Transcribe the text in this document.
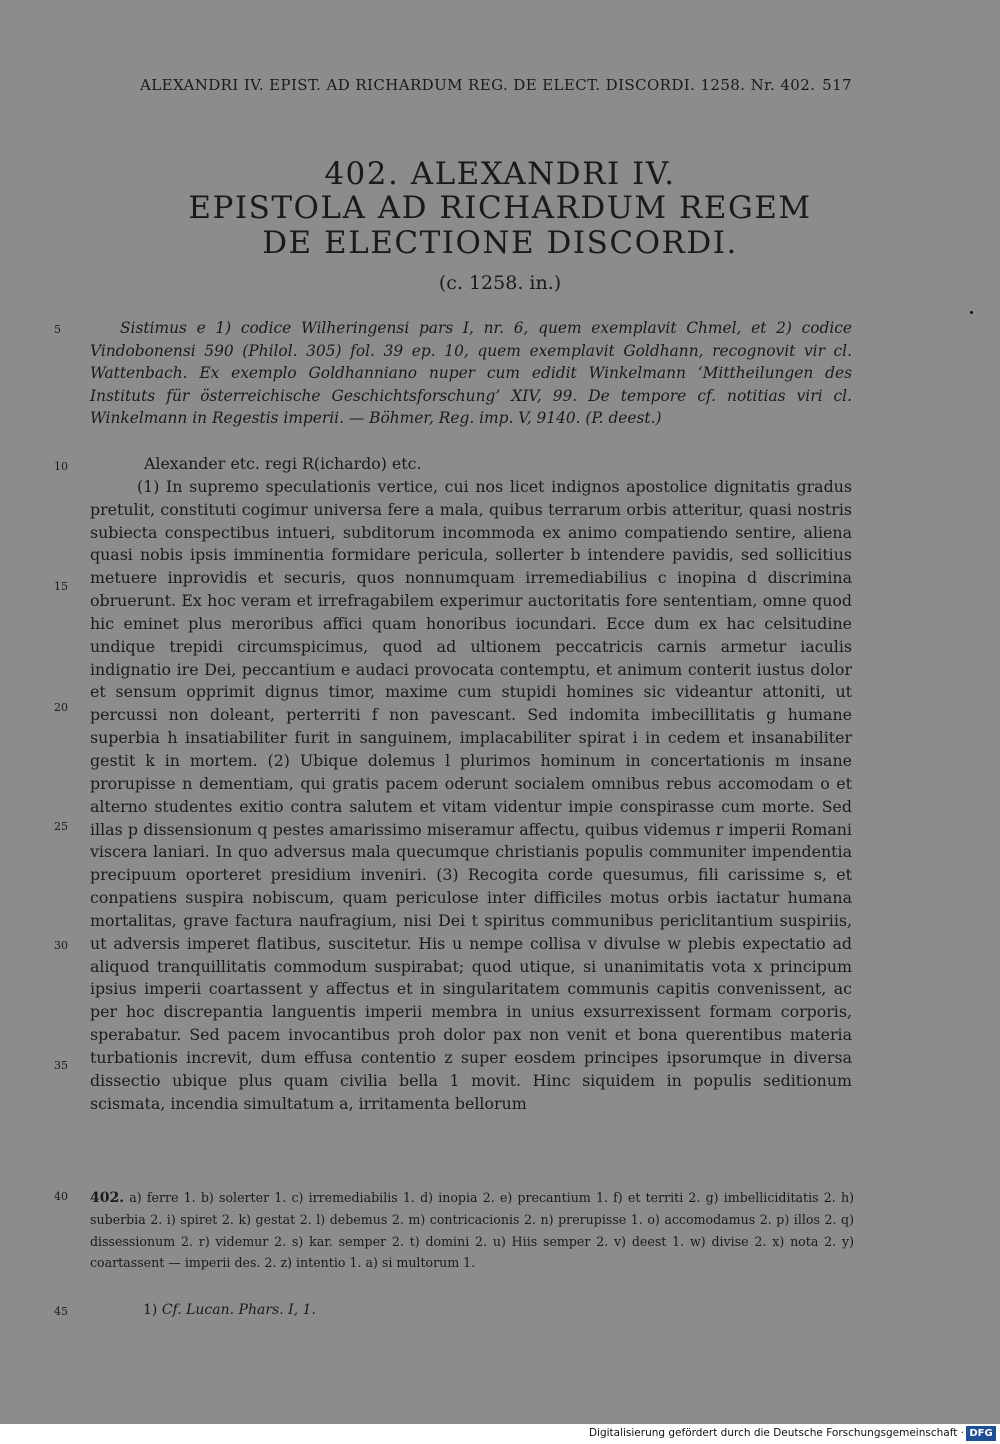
ALEXANDRI IV. EPIST. AD RICHARDUM REG. DE ELECT. DISCORDI. 1258. Nr. 402. 517
402. ALEXANDRI IV.
EPISTOLA AD RICHARDUM REGEM
DE ELECTIONE DISCORDI.
(c. 1258. in.)

Sistimus e 1) codice Wilheringensi pars I, nr. 6, quem exemplavit Chmel, et 2) codice Vindobonensi 590 (Philol. 305) fol. 39 ep. 10, quem exemplavit Goldhann, recognovit vir cl. Wattenbach. Ex exemplo Goldhanniano nuper cum edidit Winkelmann ‘Mittheilungen des Instituts für österreichische Geschichtsforschung’ XIV, 99. De tempore cf. notitias viri cl. Winkelmann in Regestis imperii. — Böhmer, Reg. imp. V, 9140. (P. deest.)

Alexander etc. regi R(ichardo) etc.

(1) In supremo speculationis vertice, cui nos licet indignos apostolice dignitatis gradus pretulit, constituti cogimur universa fere a mala, quibus terrarum orbis atteritur, quasi nostris subiecta conspectibus intueri, subditorum incommoda ex animo compatiendo sentire, aliena quasi nobis ipsis imminentia formidare pericula, sollerter b intendere pavidis, sed sollicitius metuere inprovidis et securis, quos nonnumquam irremediabilius c inopina d discrimina obruerunt. Ex hoc veram et irrefragabilem experimur auctoritatis fore sententiam, omne quod hic eminet plus meroribus affici quam honoribus iocundari. Ecce dum ex hac celsitudine undique trepidi circumspicimus, quod ad ultionem peccatricis carnis armetur iaculis indignatio ire Dei, peccantium e audaci provocata contemptu, et animum conterit iustus dolor et sensum opprimit dignus timor, maxime cum stupidi homines sic videantur attoniti, ut percussi non doleant, perterriti f non pavescant. Sed indomita imbecillitatis g humane superbia h insatiabiliter furit in sanguinem, implacabiliter spirat i in cedem et insanabiliter gestit k in mortem. (2) Ubique dolemus l plurimos hominum in concertationis m insane prorupisse n dementiam, qui gratis pacem oderunt socialem omnibus rebus accomodam o et alterno studentes exitio contra salutem et vitam videntur impie conspirasse cum morte. Sed illas p dissensionum q pestes amarissimo miseramur affectu, quibus videmus r imperii Romani viscera laniari. In quo adversus mala quecumque christianis populis communiter impendentia precipuum oporteret presidium inveniri. (3) Recogita corde quesumus, fili carissime s, et conpatiens suspira nobiscum, quam periculose inter difficiles motus orbis iactatur humana mortalitas, grave factura naufragium, nisi Dei t spiritus communibus periclitantium suspiriis, ut adversis imperet flatibus, suscitetur. His u nempe collisa v divulse w plebis expectatio ad aliquod tranquillitatis commodum suspirabat; quod utique, si unanimitatis vota x principum ipsius imperii coartassent y affectus et in singularitatem communis capitis convenissent, ac per hoc discrepantia languentis imperii membra in unius exsurrexissent formam corporis, sperabatur. Sed pacem invocantibus proh dolor pax non venit et bona querentibus materia turbationis increvit, dum effusa contentio z super eosdem principes ipsorumque in diversa dissectio ubique plus quam civilia bella 1 movit. Hinc siquidem in populis seditionum scismata, incendia simultatum a, irritamenta bellorum

5
10
15
20
25
30
35
40
45
402. a) ferre 1. b) solerter 1. c) irremediabilis 1. d) inopia 2. e) precantium 1. f) et territi 2. g) imbelliciditatis 2. h) suberbia 2. i) spiret 2. k) gestat 2. l) debemus 2. m) contricacionis 2. n) prerupisse 1. o) accomodamus 2. p) illos 2. q) dissessionum 2. r) videmur 2. s) kar. semper 2. t) domini 2. u) Hiis semper 2. v) deest 1. w) divise 2. x) nota 2. y) coartassent — imperii des. 2. z) intentio 1. a) si multorum 1.
1) Cf. Lucan. Phars. I, 1.
Digitalisierung gefördert durch die Deutsche Forschungsgemeinschaft · DFG
